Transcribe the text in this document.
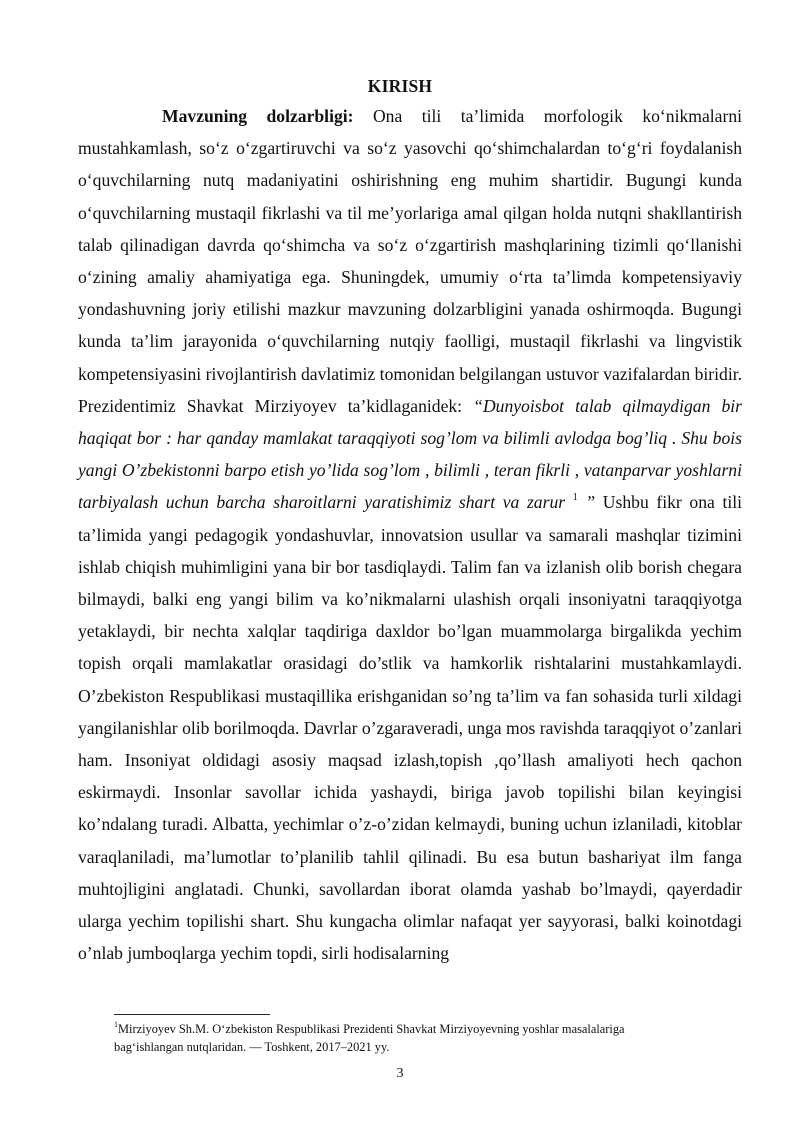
KIRISH

Mavzuning dolzarbligi: Ona tili taʼlimida morfologik koʻnikmalarni mustahkamlash, soʻz oʻzgartiruvchi va soʻz yasovchi qoʻshimchalardan toʻgʻri foydalanish oʻquvchilarning nutq madaniyatini oshirishning eng muhim shartidir. Bugungi kunda oʻquvchilarning mustaqil fikrlashi va til meʼyorlariga amal qilgan holda nutqni shakllantirish talab qilinadigan davrda qoʻshimcha va soʻz oʻzgartirish mashqlarining tizimli qoʻllanishi oʻzining amaliy ahamiyatiga ega. Shuningdek, umumiy oʻrta taʼlimda kompetensiyaviy yondashuvning joriy etilishi mazkur mavzuning dolzarbligini yanada oshirmoqda. Bugungi kunda ta’lim jarayonida o‘quvchilarning nutqiy faolligi, mustaqil fikrlashi va lingvistik kompetensiyasini rivojlantirish davlatimiz tomonidan belgilangan ustuvor vazifalardan biridir. Prezidentimiz Shavkat Mirziyoyev ta’kidlaganidek: “Dunyoisbot talab qilmaydigan bir haqiqat bor : har qanday mamlakat taraqqiyoti sog’lom va bilimli avlodga bog’liq . Shu bois yangi O’zbekistonni barpo etish yo’lida sog’lom , bilimli , teran fikrli , vatanparvar yoshlarni tarbiyalash uchun barcha sharoitlarni yaratishimiz shart va zarur $^1$ ” Ushbu fikr ona tili ta’limida yangi pedagogik yondashuvlar, innovatsion usullar va samarali mashqlar tizimini ishlab chiqish muhimligini yana bir bor tasdiqlaydi. Talim fan va izlanish olib borish chegara bilmaydi, balki eng yangi bilim va ko’nikmalarni ulashish orqali insoniyatni taraqqiyotga yetaklaydi, bir nechta xalqlar taqdiriga daxldor bo’lgan muammolarga birgalikda yechim topish orqali mamlakatlar orasidagi do’stlik va hamkorlik rishtalarini mustahkamlaydi. O’zbekiston Respublikasi mustaqillika erishganidan so’ng ta’lim va fan sohasida turli xildagi yangilanishlar olib borilmoqda. Davrlar o’zgaraveradi, unga mos ravishda taraqqiyot o’zanlari ham. Insoniyat oldidagi asosiy maqsad izlash,topish ,qo’llash amaliyoti hech qachon eskirmaydi. Insonlar savollar ichida yashaydi, biriga javob topilishi bilan keyingisi ko’ndalang turadi. Albatta, yechimlar o’z-o’zidan kelmaydi, buning uchun izlaniladi, kitoblar varaqlaniladi, ma’lumotlar to’planilib tahlil qilinadi. Bu esa butun bashariyat ilm fanga muhtojligini anglatadi. Chunki, savollardan iborat olamda yashab bo’lmaydi, qayerdadir ularga yechim topilishi shart. Shu kungacha olimlar nafaqat yer sayyorasi, balki koinotdagi o’nlab jumboqlarga yechim topdi, sirli hodisalarning

$^1$Mirziyoyev Sh.M. Oʻzbekiston Respublikasi Prezidenti Shavkat Mirziyoyevning yoshlar masalalariga bagʻishlangan nutqlaridan. — Toshkent, 2017–2021 yy.

3
